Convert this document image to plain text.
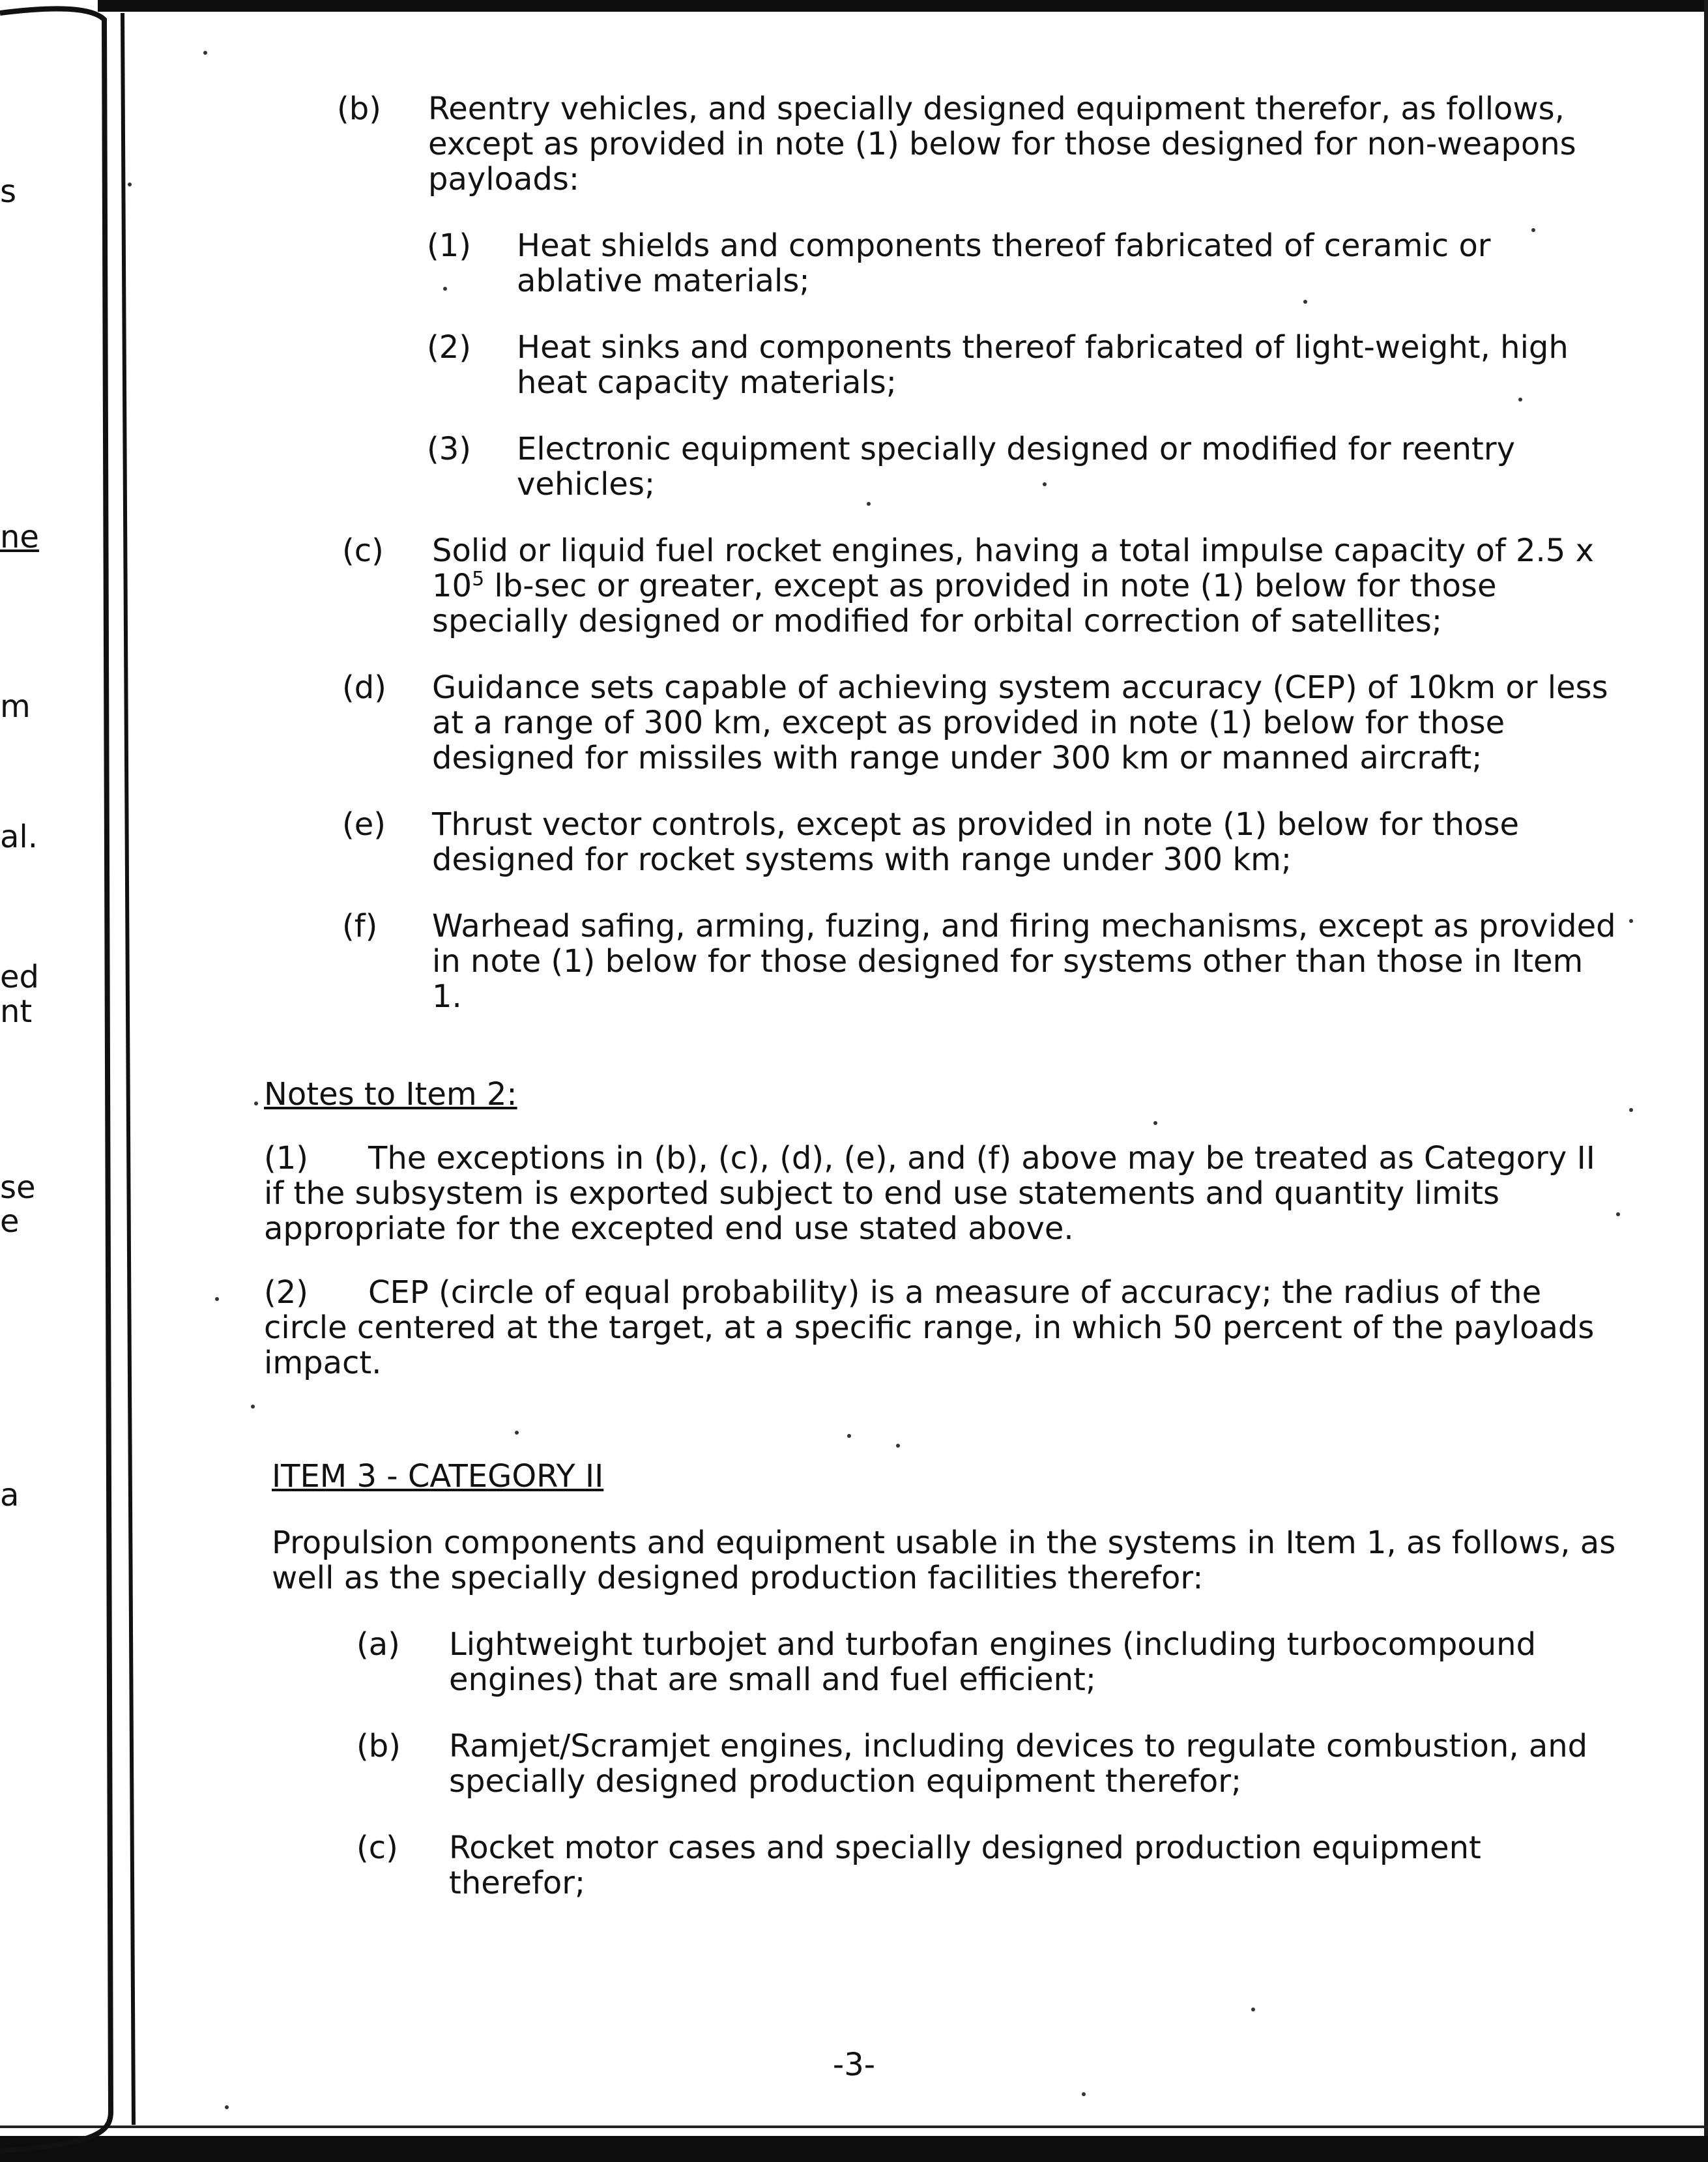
s
ne
m
al.
ed
nt
se
e
a
(b)	Reentry vehicles, and specially designed equipment therefor, as follows, except as provided in note (1) below for those designed for non-weapons payloads:
(1)	Heat shields and components thereof fabricated of ceramic or ablative materials;
(2)	Heat sinks and components thereof fabricated of light-weight, high heat capacity materials;
(3)	Electronic equipment specially designed or modified for reentry vehicles;
(c)	Solid or liquid fuel rocket engines, having a total impulse capacity of 2.5 x $10^5$ lb-sec or greater, except as provided in note (1) below for those specially designed or modified for orbital correction of satellites;
(d)	Guidance sets capable of achieving system accuracy (CEP) of 10km or less at a range of 300 km, except as provided in note (1) below for those designed for missiles with range under 300 km or manned aircraft;
(e)	Thrust vector controls, except as provided in note (1) below for those designed for rocket systems with range under 300 km;
(f)	Warhead safing, arming, fuzing, and firing mechanisms, except as provided in note (1) below for those designed for systems other than those in Item 1.
Notes to Item 2:
(1) The exceptions in (b), (c), (d), (e), and (f) above may be treated as Category II if the subsystem is exported subject to end use statements and quantity limits appropriate for the excepted end use stated above.
(2) CEP (circle of equal probability) is a measure of accuracy; the radius of the circle centered at the target, at a specific range, in which 50 percent of the payloads impact.
ITEM 3 - CATEGORY II
Propulsion components and equipment usable in the systems in Item 1, as follows, as well as the specially designed production facilities therefor:
(a)	Lightweight turbojet and turbofan engines (including turbocompound engines) that are small and fuel efficient;
(b)	Ramjet/Scramjet engines, including devices to regulate combustion, and specially designed production equipment therefor;
(c)	Rocket motor cases and specially designed production equipment therefor;
-3-
